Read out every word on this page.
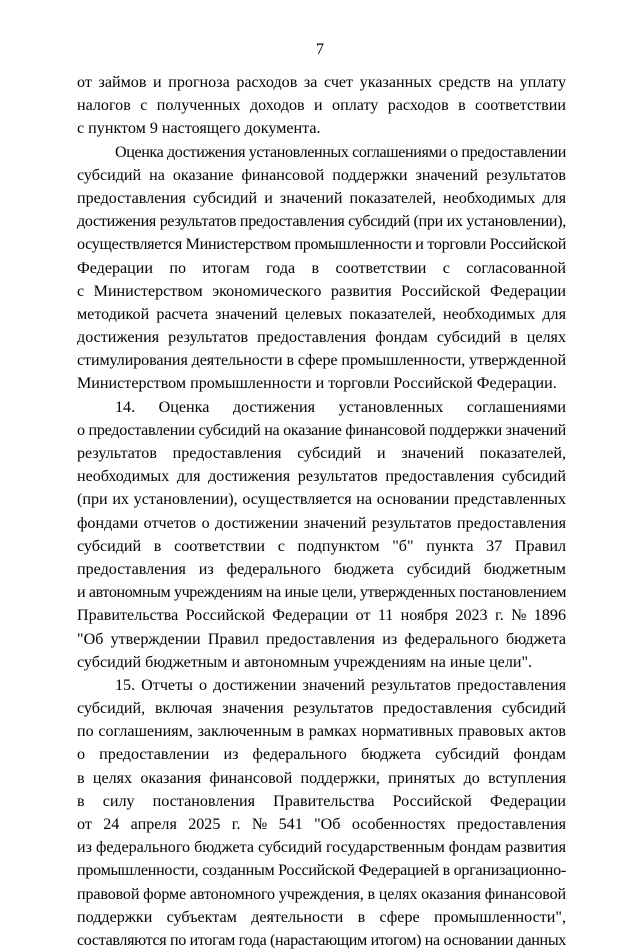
7
от займов и прогноза расходов за счет указанных средств на уплату
налогов с полученных доходов и оплату расходов в соответствии
с пунктом 9 настоящего документа.
Оценка достижения установленных соглашениями о предоставлении
субсидий на оказание финансовой поддержки значений результатов
предоставления субсидий и значений показателей, необходимых для
достижения результатов предоставления субсидий (при их установлении),
осуществляется Министерством промышленности и торговли Российской
Федерации по итогам года в соответствии с согласованной
с Министерством экономического развития Российской Федерации
методикой расчета значений целевых показателей, необходимых для
достижения результатов предоставления фондам субсидий в целях
стимулирования деятельности в сфере промышленности, утвержденной
Министерством промышленности и торговли Российской Федерации.
14. Оценка достижения установленных соглашениями
о предоставлении субсидий на оказание финансовой поддержки значений
результатов предоставления субсидий и значений показателей,
необходимых для достижения результатов предоставления субсидий
(при их установлении), осуществляется на основании представленных
фондами отчетов о достижении значений результатов предоставления
субсидий в соответствии с подпунктом "б" пункта 37 Правил
предоставления из федерального бюджета субсидий бюджетным
и автономным учреждениям на иные цели, утвержденных постановлением
Правительства Российской Федерации от 11 ноября 2023 г. № 1896
"Об утверждении Правил предоставления из федерального бюджета
субсидий бюджетным и автономным учреждениям на иные цели".
15. Отчеты о достижении значений результатов предоставления
субсидий, включая значения результатов предоставления субсидий
по соглашениям, заключенным в рамках нормативных правовых актов
о предоставлении из федерального бюджета субсидий фондам
в целях оказания финансовой поддержки, принятых до вступления
в силу постановления Правительства Российской Федерации
от 24 апреля 2025 г. № 541 "Об особенностях предоставления
из федерального бюджета субсидий государственным фондам развития
промышленности, созданным Российской Федерацией в организационно-
правовой форме автономного учреждения, в целях оказания финансовой
поддержки субъектам деятельности в сфере промышленности",
составляются по итогам года (нарастающим итогом) на основании данных
